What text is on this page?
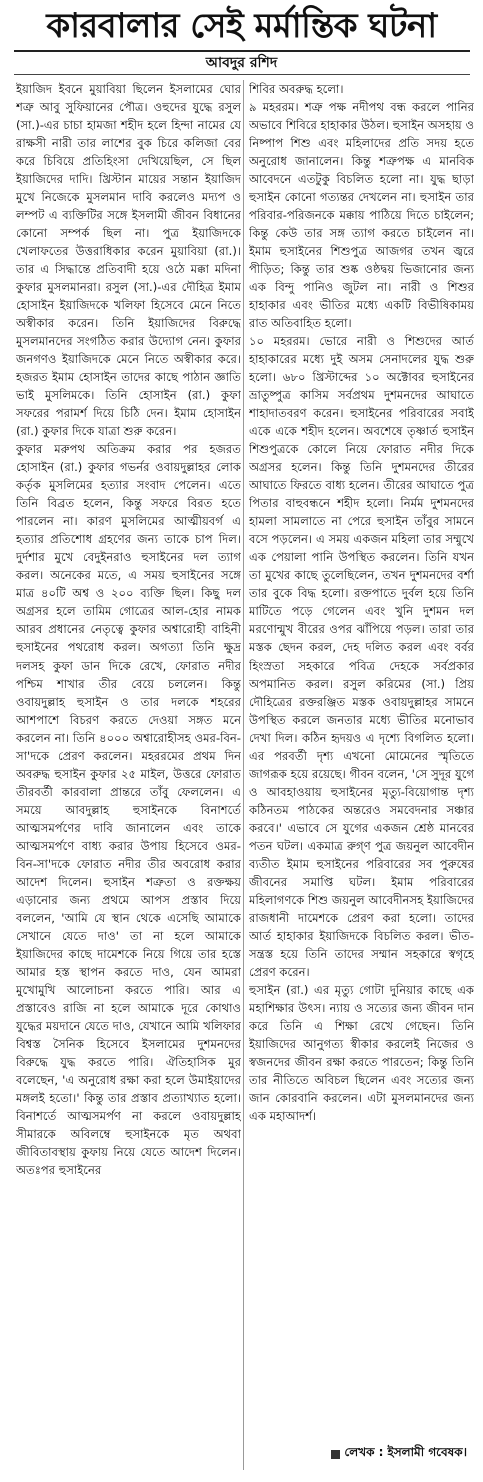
কারবালার সেই মর্মান্তিক ঘটনা
আবদুর রশিদ

ইয়াজিদ ইবনে মুয়াবিয়া ছিলেন ইসলামের ঘোর শত্রু আবু সুফিয়ানের পৌত্র। ওহুদের যুদ্ধে রসুল (সা.)-এর চাচা হামজা শহীদ হলে হিন্দা নামের যে রাক্ষসী নারী তার লাশের বুক চিরে কলিজা বের করে চিবিয়ে প্রতিহিংসা দেখিয়েছিল, সে ছিল ইয়াজিদের দাদি। খ্রিস্টান মায়ের সন্তান ইয়াজিদ মুখে নিজেকে মুসলমান দাবি করলেও মদ্যপ ও লম্পট এ ব্যক্তিটির সঙ্গে ইসলামী জীবন বিধানের কোনো সম্পর্ক ছিল না। পুত্র ইয়াজিদকে খেলাফতের উত্তরাধিকার করেন মুয়াবিয়া (রা.)। তার এ সিদ্ধান্তে প্রতিবাদী হয়ে ওঠে মক্কা মদিনা কুফার মুসলমানরা। রসুল (সা.)-এর দৌহিত্র ইমাম হোসাইন ইয়াজিদকে খলিফা হিসেবে মেনে নিতে অস্বীকার করেন। তিনি ইয়াজিদের বিরুদ্ধে মুসলমানদের সংগঠিত করার উদ্যোগ নেন। কুফার জনগণও ইয়াজিদকে মেনে নিতে অস্বীকার করে। হজরত ইমাম হোসাইন তাদের কাছে পাঠান জ্ঞাতি ভাই মুসলিমকে। তিনি হোসাইন (রা.) কুফা সফরের পরামর্শ দিয়ে চিঠি দেন। ইমাম হোসাইন (রা.) কুফার দিকে যাত্রা শুরু করেন।

কুফার মরুপথ অতিক্রম করার পর হজরত হোসাইন (রা.) কুফার গভর্নর ওবায়দুল্লাহর লোক কর্তৃক মুসলিমের হত্যার সংবাদ পেলেন। এতে তিনি বিব্রত হলেন, কিন্তু সফরে বিরত হতে পারলেন না। কারণ মুসলিমের আত্মীয়বর্গ এ হত্যার প্রতিশোধ গ্রহণের জন্য তাকে চাপ দিল। দুর্দশার মুখে বেদুইনরাও হুসাইনের দল ত্যাগ করল। অনেকের মতে, এ সময় হুসাইনের সঙ্গে মাত্র ৪০টি অশ্ব ও ২০০ ব্যক্তি ছিল। কিছু দল অগ্রসর হলে তামিম গোত্রের আল-হোর নামক আরব প্রধানের নেতৃত্বে কুফার অশ্বারোহী বাহিনী হুসাইনের পথরোধ করল। অগত্যা তিনি ক্ষুদ্র দলসহ কুফা ডান দিকে রেখে, ফোরাত নদীর পশ্চিম শাখার তীর বেয়ে চললেন। কিন্তু ওবায়দুল্লাহ হুসাইন ও তার দলকে শহরের আশপাশে বিচরণ করতে দেওয়া সঙ্গত মনে করলেন না। তিনি ৪০০০ অশ্বারোহীসহ ওমর-বিন-সা'দকে প্রেরণ করলেন। মহররমের প্রথম দিন অবরুদ্ধ হুসাইন কুফার ২৫ মাইল, উত্তরে ফোরাত তীরবর্তী কারবালা প্রান্তরে তাঁবু ফেললেন। এ সময়ে আবদুল্লাহ হুসাইনকে বিনাশর্তে আত্মসমর্পণের দাবি জানালেন এবং তাকে আত্মসমর্পণে বাধ্য করার উপায় হিসেবে ওমর-বিন-সা'দকে ফোরাত নদীর তীর অবরোধ করার আদেশ দিলেন। হুসাইন শত্রুতা ও রক্তক্ষয় এড়ানোর জন্য প্রথমে আপস প্রস্তাব দিয়ে বললেন, 'আমি যে স্থান থেকে এসেছি আমাকে সেখানে যেতে দাও' তা না হলে আমাকে ইয়াজিদের কাছে দামেশকে নিয়ে গিয়ে তার হস্তে আমার হস্ত স্থাপন করতে দাও, যেন আমরা মুখোমুখি আলোচনা করতে পারি। আর এ প্রস্তাবেও রাজি না হলে আমাকে দূরে কোথাও যুদ্ধের ময়দানে যেতে দাও, যেখানে আমি খলিফার বিশ্বস্ত সৈনিক হিসেবে ইসলামের দুশমনদের বিরুদ্ধে যুদ্ধ করতে পারি। ঐতিহাসিক মুর বলেছেন, 'এ অনুরোধ রক্ষা করা হলে উমাইয়াদের মঙ্গলই হতো।' কিন্তু তার প্রস্তাব প্রত্যাখ্যাত হলো। বিনাশর্তে আত্মসমর্পণ না করলে ওবায়দুল্লাহ সীমারকে অবিলম্বে হুসাইনকে মৃত অথবা জীবিতাবস্থায় কুফায় নিয়ে যেতে আদেশ দিলেন। অতঃপর হুসাইনের

শিবির অবরুদ্ধ হলো।

৯ মহররম। শত্রু পক্ষ নদীপথ বন্ধ করলে পানির অভাবে শিবিরে হাহাকার উঠল। হুসাইন অসহায় ও নিষ্পাপ শিশু এবং মহিলাদের প্রতি সদয় হতে অনুরোধ জানালেন। কিন্তু শত্রুপক্ষ এ মানবিক আবেদনে এতটুকু বিচলিত হলো না। যুদ্ধ ছাড়া হুসাইন কোনো গত্যন্তর দেখলেন না। হুসাইন তার পরিবার-পরিজনকে মক্কায় পাঠিয়ে দিতে চাইলেন; কিন্তু কেউ তার সঙ্গ ত্যাগ করতে চাইলেন না। ইমাম হুসাইনের শিশুপুত্র আজগর তখন জ্বরে পীড়িত; কিন্তু তার শুষ্ক ওষ্ঠদ্বয় ভিজানোর জন্য এক বিন্দু পানিও জুটল না। নারী ও শিশুর হাহাকার এবং ভীতির মধ্যে একটি বিভীষিকাময় রাত অতিবাহিত হলো।

১০ মহররম। ভোরে নারী ও শিশুদের আর্ত হাহাকারের মধ্যে দুই অসম সেনাদলের যুদ্ধ শুরু হলো। ৬৮০ খ্রিস্টাব্দের ১০ অক্টোবর হুসাইনের ভ্রাতুষ্পুত্র কাসিম সর্বপ্রথম দুশমনদের আঘাতে শাহাদাতবরণ করেন। হুসাইনের পরিবারের সবাই একে একে শহীদ হলেন। অবশেষে তৃষ্ণার্ত হুসাইন শিশুপুত্রকে কোলে নিয়ে ফোরাত নদীর দিকে অগ্রসর হলেন। কিন্তু তিনি দুশমনদের তীরের আঘাতে ফিরতে বাধ্য হলেন। তীরের আঘাতে পুত্র পিতার বাহুবন্ধনে শহীদ হলো। নির্মম দুশমনদের হামলা সামলাতে না পেরে হুসাইন তাঁবুর সামনে বসে পড়লেন। এ সময় একজন মহিলা তার সম্মুখে এক পেয়ালা পানি উপস্থিত করলেন। তিনি যখন তা মুখের কাছে তুলেছিলেন, তখন দুশমনদের বর্শা তার বুকে বিদ্ধ হলো। রক্তপাতে দুর্বল হয়ে তিনি মাটিতে পড়ে গেলেন এবং খুনি দুশমন দল মরণোন্মুখ বীরের ওপর ঝাঁপিয়ে পড়ল। তারা তার মস্তক ছেদন করল, দেহ দলিত করল এবং বর্বর হিংস্রতা সহকারে পবিত্র দেহকে সর্বপ্রকার অপমানিত করল। রসুল করিমের (সা.) প্রিয় দৌহিত্রের রক্তরঞ্জিত মস্তক ওবায়দুল্লাহর সামনে উপস্থিত করলে জনতার মধ্যে ভীতির মনোভাব দেখা দিল। কঠিন হৃদয়ও এ দৃশ্যে বিগলিত হলো। এর পরবর্তী দৃশ্য এখনো মোমেনের স্মৃতিতে জাগরূক হয়ে রয়েছে। গীবন বলেন, 'সে সুদূর যুগে ও আবহাওয়ায় হুসাইনের মৃত্যু-বিয়োগান্ত দৃশ্য কঠিনতম পাঠকের অন্তরেও সমবেদনার সঞ্চার করবে।' এভাবে সে যুগের একজন শ্রেষ্ঠ মানবের পতন ঘটল। একমাত্র রুগ্ণ পুত্র জয়নুল আবেদীন ব্যতীত ইমাম হুসাইনের পরিবারের সব পুরুষের জীবনের সমাপ্তি ঘটল। ইমাম পরিবারের মহিলাগণকে শিশু জয়নুল আবেদীনসহ ইয়াজিদের রাজধানী দামেশকে প্রেরণ করা হলো। তাদের আর্ত হাহাকার ইয়াজিদকে বিচলিত করল। ভীত-সন্ত্রস্ত হয়ে তিনি তাদের সম্মান সহকারে স্বগৃহে প্রেরণ করেন।

হুসাইন (রা.) এর মৃত্যু গোটা দুনিয়ার কাছে এক মহাশিক্ষার উৎস। ন্যায় ও সত্যের জন্য জীবন দান করে তিনি এ শিক্ষা রেখে গেছেন। তিনি ইয়াজিদের আনুগত্য স্বীকার করলেই নিজের ও স্বজনদের জীবন রক্ষা করতে পারতেন; কিন্তু তিনি তার নীতিতে অবিচল ছিলেন এবং সত্যের জন্য জান কোরবানি করলেন। এটা মুসলমানদের জন্য এক মহাআদর্শ।

লেখক : ইসলামী গবেষক।
